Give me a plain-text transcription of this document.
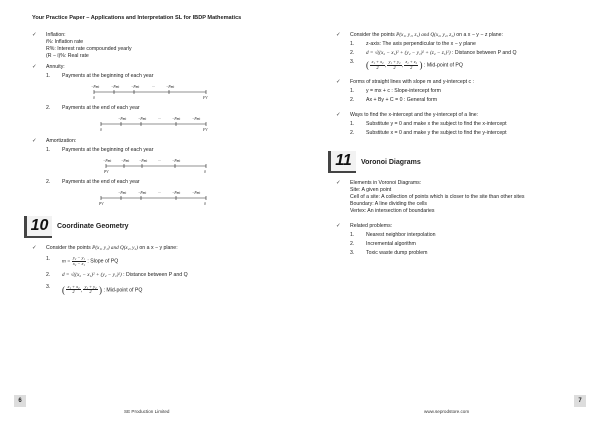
Your Practice Paper – Applications and Interpretation SL for IBDP Mathematics
✓ Inflation:
i%: Inflation rate
R%: Interest rate compounded yearly
(R − i)%: Real rate
✓ Annuity:
1. Payments at the beginning of each year
−Pmt	−Pmt	−Pmt	···	−Pmt
0	FV
2. Payments at the end of each year
−Pmt	−Pmt	···	−Pmt	−Pmt
0	FV
✓ Amortization:
1. Payments at the beginning of each year
−Pmt	−Pmt	−Pmt	···	−Pmt
PV	0
2. Payments at the end of each year
−Pmt	−Pmt	···	−Pmt	−Pmt
PV	0
10	Coordinate Geometry
✓ Consider the points P(x₁, y₁) and Q(x₂, y₂) on a x − y plane:
1. $m = \frac{\text{y₂ − y₁}}{\text{x₂ − x₁}}$ : Slope of PQ
2. d = √((x₂ − x₁)² + (y₂ − y₁)²) : Distance between P and Q
3. ( $\frac{\text{x₁ + x₂}}{2}$ , $\frac{\text{y₁ + y₂}}{2}$ ) : Mid-point of PQ
✓ Consider the points P(x₁, y₁, z₁) and Q(x₂, y₂, z₂) on a x − y − z plane:
1. z-axis: The axis perpendicular to the x − y plane
2. d = √((x₂ − x₁)² + (y₂ − y₁)² + (z₂ − z₁)²) : Distance between P and Q
3. ( $\frac{\text{x₁ + x₂}}{2}$ , $\frac{\text{y₁ + y₂}}{2}$ , $\frac{\text{z₁ + z₂}}{2}$ ) : Mid-point of PQ
✓ Forms of straight lines with slope m and y-intercept c :
1. y = mx + c : Slope-intercept form
2. Ax + By + C = 0 : General form
✓ Ways to find the x-intercept and the y-intercept of a line:
1. Substitute y = 0 and make x the subject to find the x-intercept
2. Substitute x = 0 and make y the subject to find the y-intercept
11	Voronoi Diagrams
✓ Elements in Voronoi Diagrams:
Site: A given point
Cell of a site: A collection of points which is closer to the site than other sites
Boundary: A line dividing the cells
Vertex: An intersection of boundaries
✓ Related problems:
1. Nearest neighbor interpolation
2. Incremental algorithm
3. Toxic waste dump problem
6	7
SE Production Limited	www.seprodstore.com
